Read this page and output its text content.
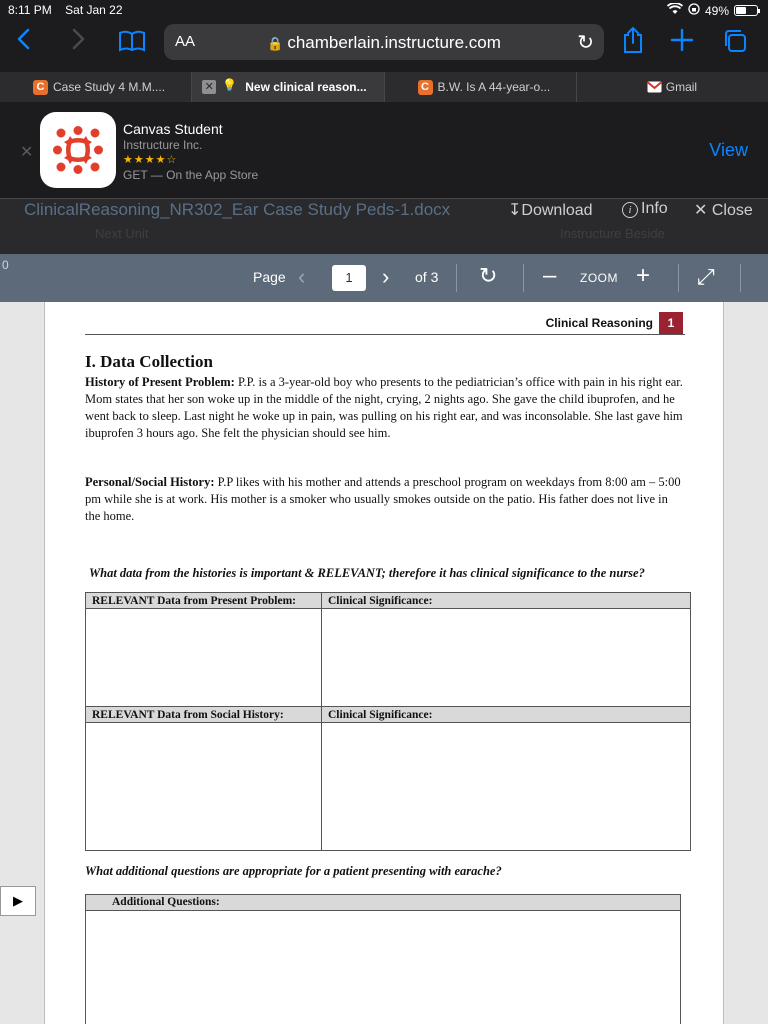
8:11 PM Sat Jan 22	49%
AA	🔒 chamberlain.instructure.com	↻
C Case Study 4 M.M....	✕ 💡 New clinical reason...	C B.W. Is A 44-year-o...	Gmail
✕
Canvas Student
Instructure Inc.
★★★★☆
GET — On the App Store
View
Next Unit	Instructure Beside
ClinicalReasoning_NR302_Ear Case Study Peds-1.docx	↧Download	i Info ✕ Close
0
Page ‹	1	› of 3 ↻ – ZOOM + ⤢
Clinical Reasoning	1
I. Data Collection
History of Present Problem: P.P. is a 3-year-old boy who presents to the pediatrician’s office with pain in his right ear. Mom states that her son woke up in the middle of the night, crying, 2 nights ago. She gave the child ibuprofen, and he went back to sleep. Last night he woke up in pain, was pulling on his right ear, and was inconsolable. She last gave him ibuprofen 3 hours ago. She felt the physician should see him.
Personal/Social History: P.P likes with his mother and attends a preschool program on weekdays from 8:00 am – 5:00 pm while she is at work. His mother is a smoker who usually smokes outside on the patio. His father does not live in the home.
What data from the histories is important & RELEVANT; therefore it has clinical significance to the nurse?
RELEVANT Data from Present Problem:	Clinical Significance:

RELEVANT Data from Social History:	Clinical Significance:

What additional questions are appropriate for a patient presenting with earache?
Additional Questions:
▶
